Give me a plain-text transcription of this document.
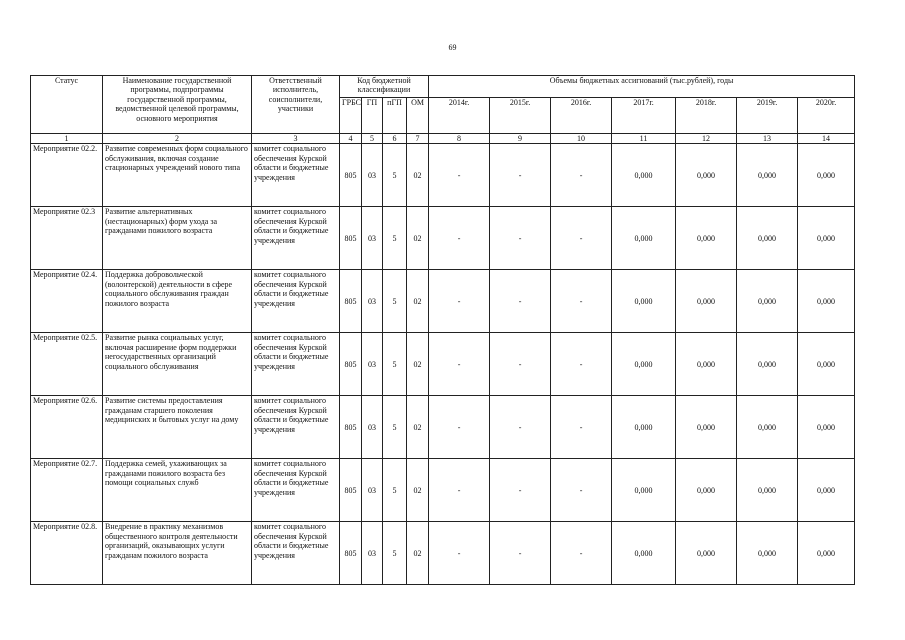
69
Статус	Наименование государственной программы, подпрограммы государственной программы, ведомственной целевой программы, основного мероприятия	Ответственный исполнитель, соисполнители, участники	Код бюджетной классификации				Объемы бюджетных ассигнований (тыс.рублей), годы						
			ГРБС	ГП	пГП	ОМ	2014г.	2015г.	2016г.	2017г.	2018г.	2019г.	2020г.
1	2	3	4	5	6	7	8	9	10	11	12	13	14
Мероприятие 02.2.	Развитие современных форм социального обслуживания, включая создание стационарных учреждений нового типа	комитет социального обеспечения Курской области и бюджетные учреждения	805	03	5	02	-	-	-	0,000	0,000	0,000	0,000
Мероприятие 02.3	Развитие альтернативных (нестационарных) форм ухода за гражданами пожилого возраста	комитет социального обеспечения Курской области и бюджетные учреждения	805	03	5	02	-	-	-	0,000	0,000	0,000	0,000
Мероприятие 02.4.	Поддержка добровольческой (волонтерской) деятельности в сфере социального обслуживания граждан пожилого возраста	комитет социального обеспечения Курской области и бюджетные учреждения	805	03	5	02	-	-	-	0,000	0,000	0,000	0,000
Мероприятие 02.5.	Развитие рынка социальных услуг, включая расширение форм поддержки негосударственных организаций социального обслуживания	комитет социального обеспечения Курской области и бюджетные учреждения	805	03	5	02	-	-	-	0,000	0,000	0,000	0,000
Мероприятие 02.6.	Развитие системы предоставления гражданам старшего поколения медицинских и бытовых услуг на дому	комитет социального обеспечения Курской области и бюджетные учреждения	805	03	5	02	-	-	-	0,000	0,000	0,000	0,000
Мероприятие 02.7.	Поддержка семей, ухаживающих за гражданами пожилого возраста без помощи социальных служб	комитет социального обеспечения Курской области и бюджетные учреждения	805	03	5	02	-	-	-	0,000	0,000	0,000	0,000
Мероприятие 02.8.	Внедрение в практику механизмов общественного контроля деятельности организаций, оказывающих услуги гражданам пожилого возраста	комитет социального обеспечения Курской области и бюджетные учреждения	805	03	5	02	-	-	-	0,000	0,000	0,000	0,000
